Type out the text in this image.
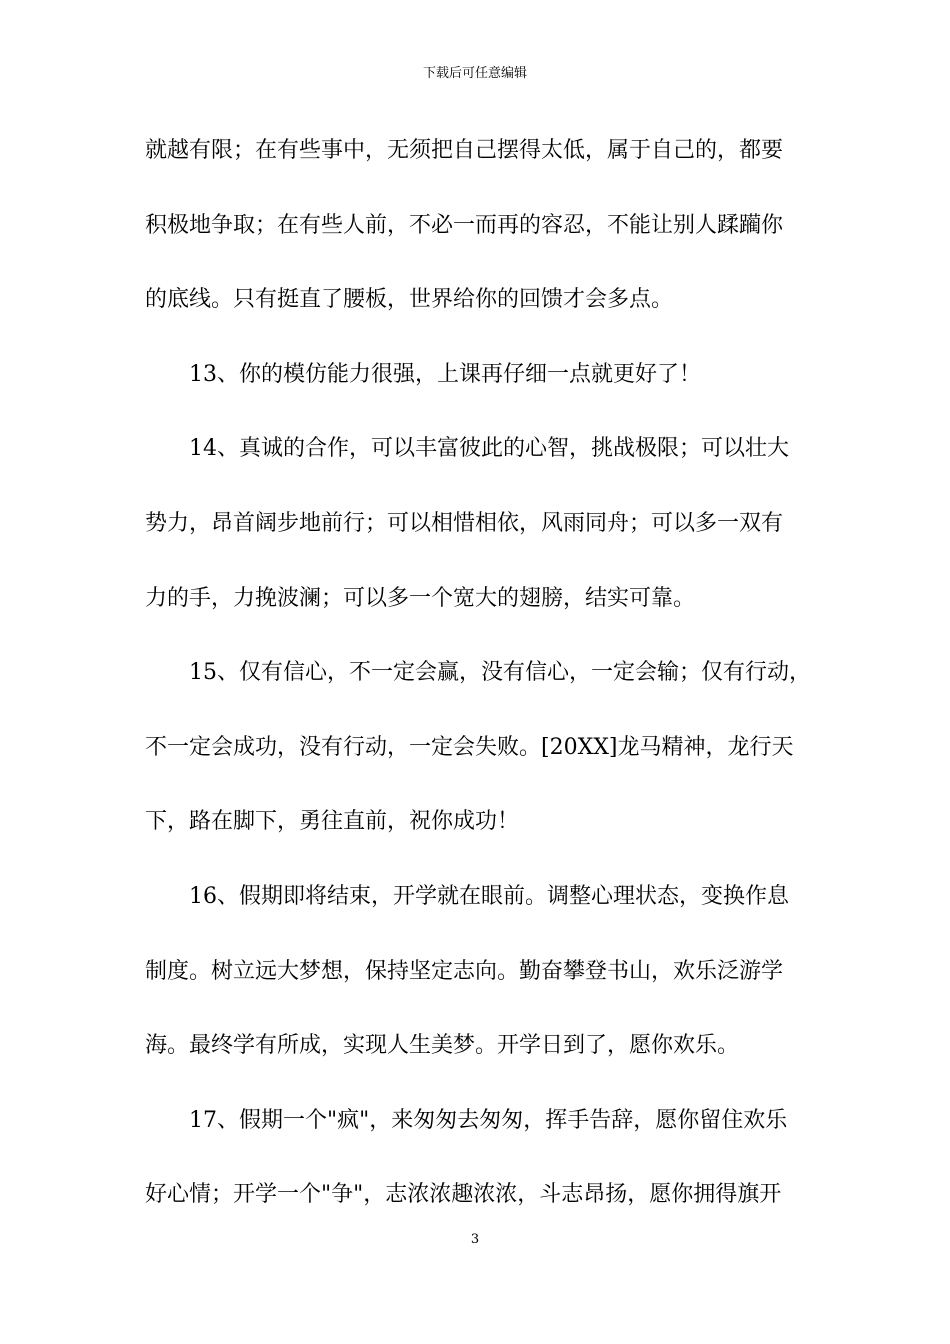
下载后可任意编辑
就越有限；在有些事中，无须把自己摆得太低，属于自己的，都要
积极地争取；在有些人前，不必一而再的容忍，不能让别人蹂躏你
的底线。只有挺直了腰板，世界给你的回馈才会多点。
13、你的模仿能力很强，上课再仔细一点就更好了！
14、真诚的合作，可以丰富彼此的心智，挑战极限；可以壮大
势力，昂首阔步地前行；可以相惜相依，风雨同舟；可以多一双有
力的手，力挽波澜；可以多一个宽大的翅膀，结实可靠。
15、仅有信心，不一定会赢，没有信心，一定会输；仅有行动，
不一定会成功，没有行动，一定会失败。[20XX]龙马精神，龙行天
下，路在脚下，勇往直前，祝你成功！
16、假期即将结束，开学就在眼前。调整心理状态，变换作息
制度。树立远大梦想，保持坚定志向。勤奋攀登书山，欢乐泛游学
海。最终学有所成，实现人生美梦。开学日到了，愿你欢乐。
17、假期一个"疯"，来匆匆去匆匆，挥手告辞，愿你留住欢乐
好心情；开学一个"争"，志浓浓趣浓浓，斗志昂扬，愿你拥得旗开
3
